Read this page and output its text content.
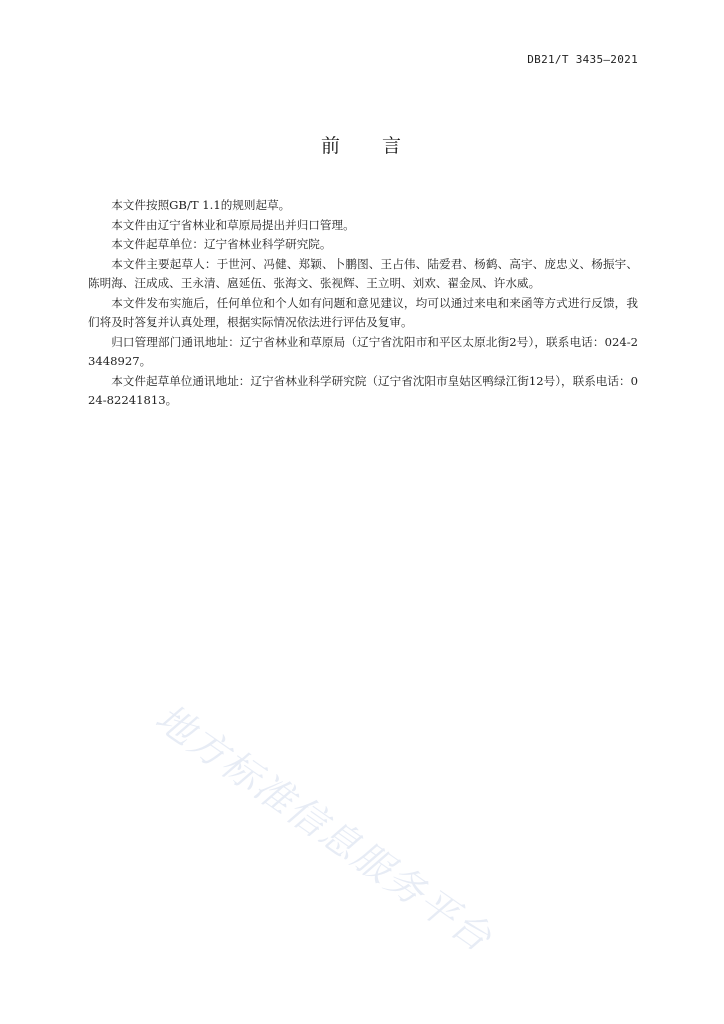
DB21/T 3435—2021
前 言

本文件按照GB/T 1.1的规则起草。

本文件由辽宁省林业和草原局提出并归口管理。

本文件起草单位：辽宁省林业科学研究院。

本文件主要起草人：于世河、冯健、郑颖、卜鹏图、王占伟、陆爱君、杨鹤、高宇、庞忠义、杨振宇、陈明海、汪成成、王永清、扈延伍、张海文、张视辉、王立明、刘欢、翟金凤、许水威。

本文件发布实施后，任何单位和个人如有问题和意见建议，均可以通过来电和来函等方式进行反馈，我们将及时答复并认真处理，根据实际情况依法进行评估及复审。

归口管理部门通讯地址：辽宁省林业和草原局（辽宁省沈阳市和平区太原北街2号），联系电话：024-23448927。

本文件起草单位通讯地址：辽宁省林业科学研究院（辽宁省沈阳市皇姑区鸭绿江街12号），联系电话：024-82241813。

地方标准信息服务平台
